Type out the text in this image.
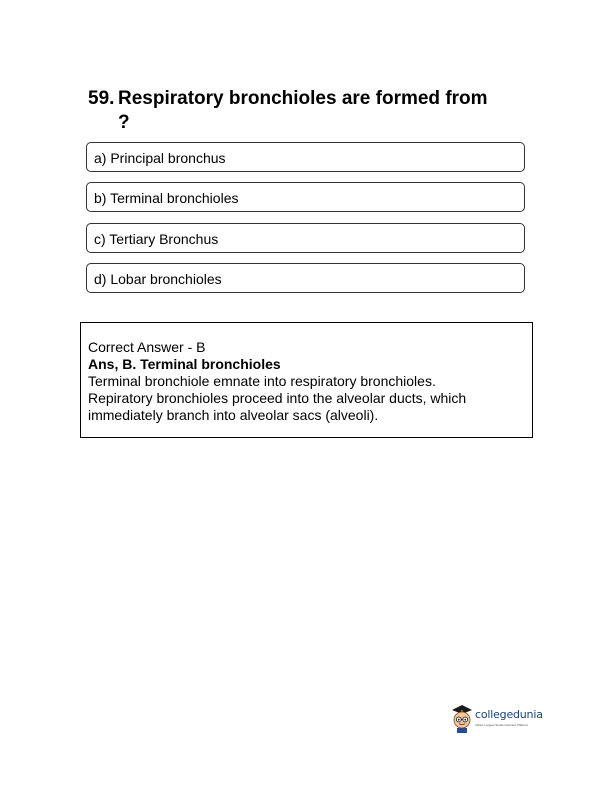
59. Respiratory bronchioles are formed from
?
a) Principal bronchus
b) Terminal bronchioles
c) Tertiary Bronchus
d) Lobar bronchioles
Correct Answer - B
Ans, B. Terminal bronchioles
Terminal bronchiole emnate into respiratory bronchioles.
Repiratory bronchioles proceed into the alveolar ducts, which
immediately branch into alveolar sacs (alveoli).
collegedunia
India's Largest Student Review Platform
